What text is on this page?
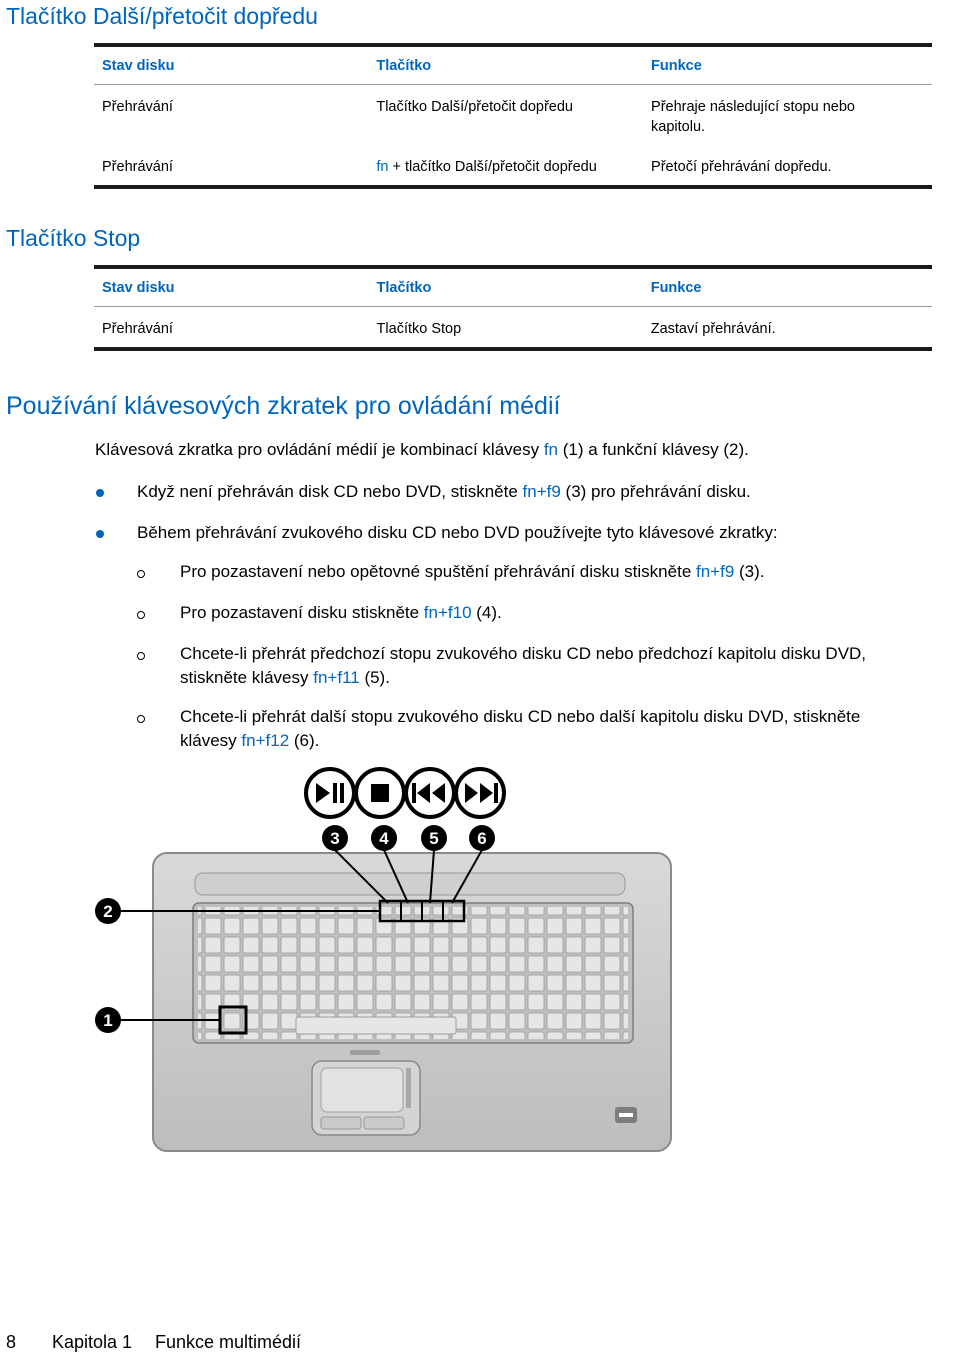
Tlačítko Další/přetočit dopředu
Stav disku	Tlačítko	Funkce
Přehrávání	Tlačítko Další/přetočit dopředu	Přehraje následující stopu nebo
kapitolu.
Přehrávání	fn + tlačítko Další/přetočit dopředu	Přetočí přehrávání dopředu.
Tlačítko Stop
Stav disku	Tlačítko	Funkce
Přehrávání	Tlačítko Stop	Zastaví přehrávání.
Používání klávesových zkratek pro ovládání médií
Klávesová zkratka pro ovládání médií je kombinací klávesy fn (1) a funkční klávesy (2).
Když není přehráván disk CD nebo DVD, stiskněte fn+f9 (3) pro přehrávání disku.
Během přehrávání zvukového disku CD nebo DVD používejte tyto klávesové zkratky:
Pro pozastavení nebo opětovné spuštění přehrávání disku stiskněte fn+f9 (3).
Pro pozastavení disku stiskněte fn+f10 (4).
Chcete-li přehrát předchozí stopu zvukového disku CD nebo předchozí kapitolu disku DVD,
stiskněte klávesy fn+f11 (5).
Chcete-li přehrát další stopu zvukového disku CD nebo další kapitolu disku DVD, stiskněte
klávesy fn+f12 (6).
3 4 5 6
2
1
8 Kapitola 1 Funkce multimédií
